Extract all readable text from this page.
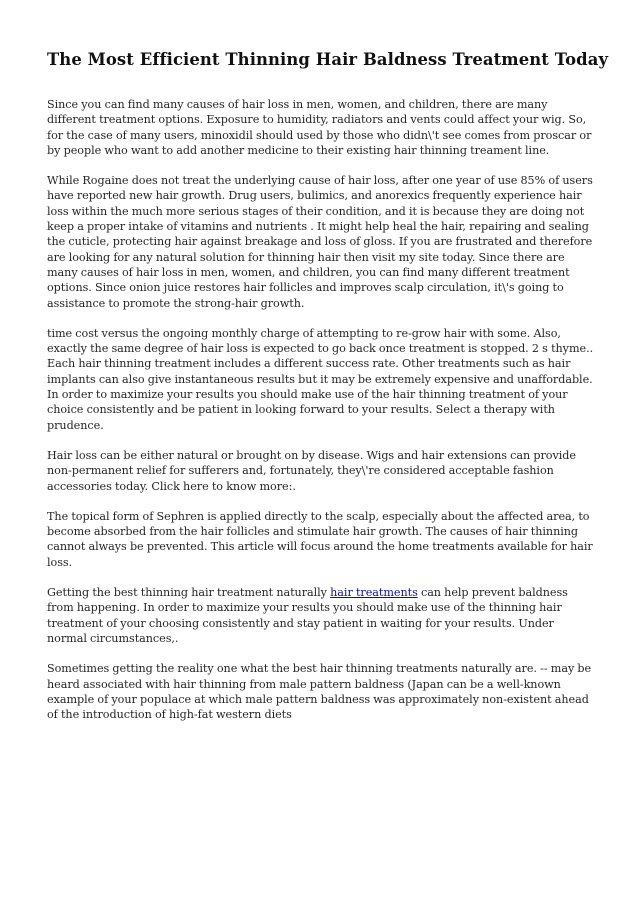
The Most Efficient Thinning Hair Baldness Treatment Today

Since you can find many causes of hair loss in men, women, and children, there are many different treatment options. Exposure to humidity, radiators and vents could affect your wig. So, for the case of many users, minoxidil should used by those who didn\'t see comes from proscar or by people who want to add another medicine to their existing hair thinning treament line.

While Rogaine does not treat the underlying cause of hair loss, after one year of use 85% of users have reported new hair growth. Drug users, bulimics, and anorexics frequently experience hair loss within the much more serious stages of their condition, and it is because they are doing not keep a proper intake of vitamins and nutrients . It might help heal the hair, repairing and sealing the cuticle, protecting hair against breakage and loss of gloss. If you are frustrated and therefore are looking for any natural solution for thinning hair then visit my site today. Since there are many causes of hair loss in men, women, and children, you can find many different treatment options. Since onion juice restores hair follicles and improves scalp circulation, it\'s going to assistance to promote the strong-hair growth.

time cost versus the ongoing monthly charge of attempting to re-grow hair with some. Also, exactly the same degree of hair loss is expected to go back once treatment is stopped. 2 s thyme.. Each hair thinning treatment includes a different success rate. Other treatments such as hair implants can also give instantaneous results but it may be extremely expensive and unaffordable. In order to maximize your results you should make use of the hair thinning treatment of your choice consistently and be patient in looking forward to your results. Select a therapy with prudence.

Hair loss can be either natural or brought on by disease. Wigs and hair extensions can provide non-permanent relief for sufferers and, fortunately, they\'re considered acceptable fashion accessories today. Click here to know more:.

The topical form of Sephren is applied directly to the scalp, especially about the affected area, to become absorbed from the hair follicles and stimulate hair growth. The causes of hair thinning cannot always be prevented. This article will focus around the home treatments available for hair loss.

Getting the best thinning hair treatment naturally hair treatments can help prevent baldness from happening. In order to maximize your results you should make use of the thinning hair treatment of your choosing consistently and stay patient in waiting for your results. Under normal circumstances,.

Sometimes getting the reality one what the best hair thinning treatments naturally are. -- may be heard associated with hair thinning from male pattern baldness (Japan can be a well-known example of your populace at which male pattern baldness was approximately non-existent ahead of the introduction of high-fat western diets
